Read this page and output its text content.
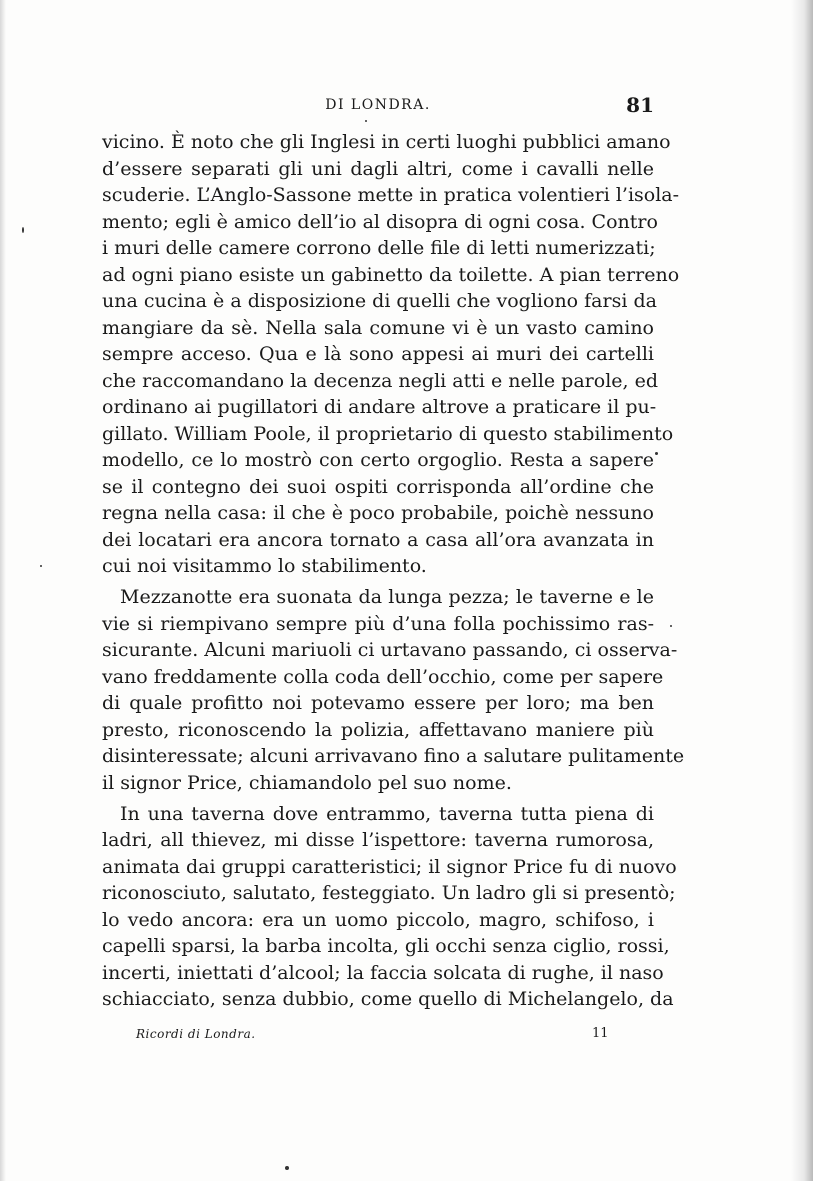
DI LONDRA.	81
vicino. È noto che gli Inglesi in certi luoghi pubblici amano
d’essere separati gli uni dagli altri, come i cavalli nelle
scuderie. L’Anglo-Sassone mette in pratica volentieri l’isola-
mento; egli è amico dell’io al disopra di ogni cosa. Contro
i muri delle camere corrono delle file di letti numerizzati;
ad ogni piano esiste un gabinetto da toilette. A pian terreno
una cucina è a disposizione di quelli che vogliono farsi da
mangiare da sè. Nella sala comune vi è un vasto camino
sempre acceso. Qua e là sono appesi ai muri dei cartelli
che raccomandano la decenza negli atti e nelle parole, ed
ordinano ai pugillatori di andare altrove a praticare il pu-
gillato. William Poole, il proprietario di questo stabilimento
modello, ce lo mostrò con certo orgoglio. Resta a sapere
se il contegno dei suoi ospiti corrisponda all’ordine che
regna nella casa: il che è poco probabile, poichè nessuno
dei locatari era ancora tornato a casa all’ora avanzata in
cui noi visitammo lo stabilimento.
Mezzanotte era suonata da lunga pezza; le taverne e le
vie si riempivano sempre più d’una folla pochissimo ras-
sicurante. Alcuni mariuoli ci urtavano passando, ci osserva-
vano freddamente colla coda dell’occhio, come per sapere
di quale profitto noi potevamo essere per loro; ma ben
presto, riconoscendo la polizia, affettavano maniere più
disinteressate; alcuni arrivavano fino a salutare pulitamente
il signor Price, chiamandolo pel suo nome.
In una taverna dove entrammo, taverna tutta piena di
ladri, all thievez, mi disse l’ispettore: taverna rumorosa,
animata dai gruppi caratteristici; il signor Price fu di nuovo
riconosciuto, salutato, festeggiato. Un ladro gli si presentò;
lo vedo ancora: era un uomo piccolo, magro, schifoso, i
capelli sparsi, la barba incolta, gli occhi senza ciglio, rossi,
incerti, iniettati d’alcool; la faccia solcata di rughe, il naso
schiacciato, senza dubbio, come quello di Michelangelo, da
Ricordi di Londra.	11
